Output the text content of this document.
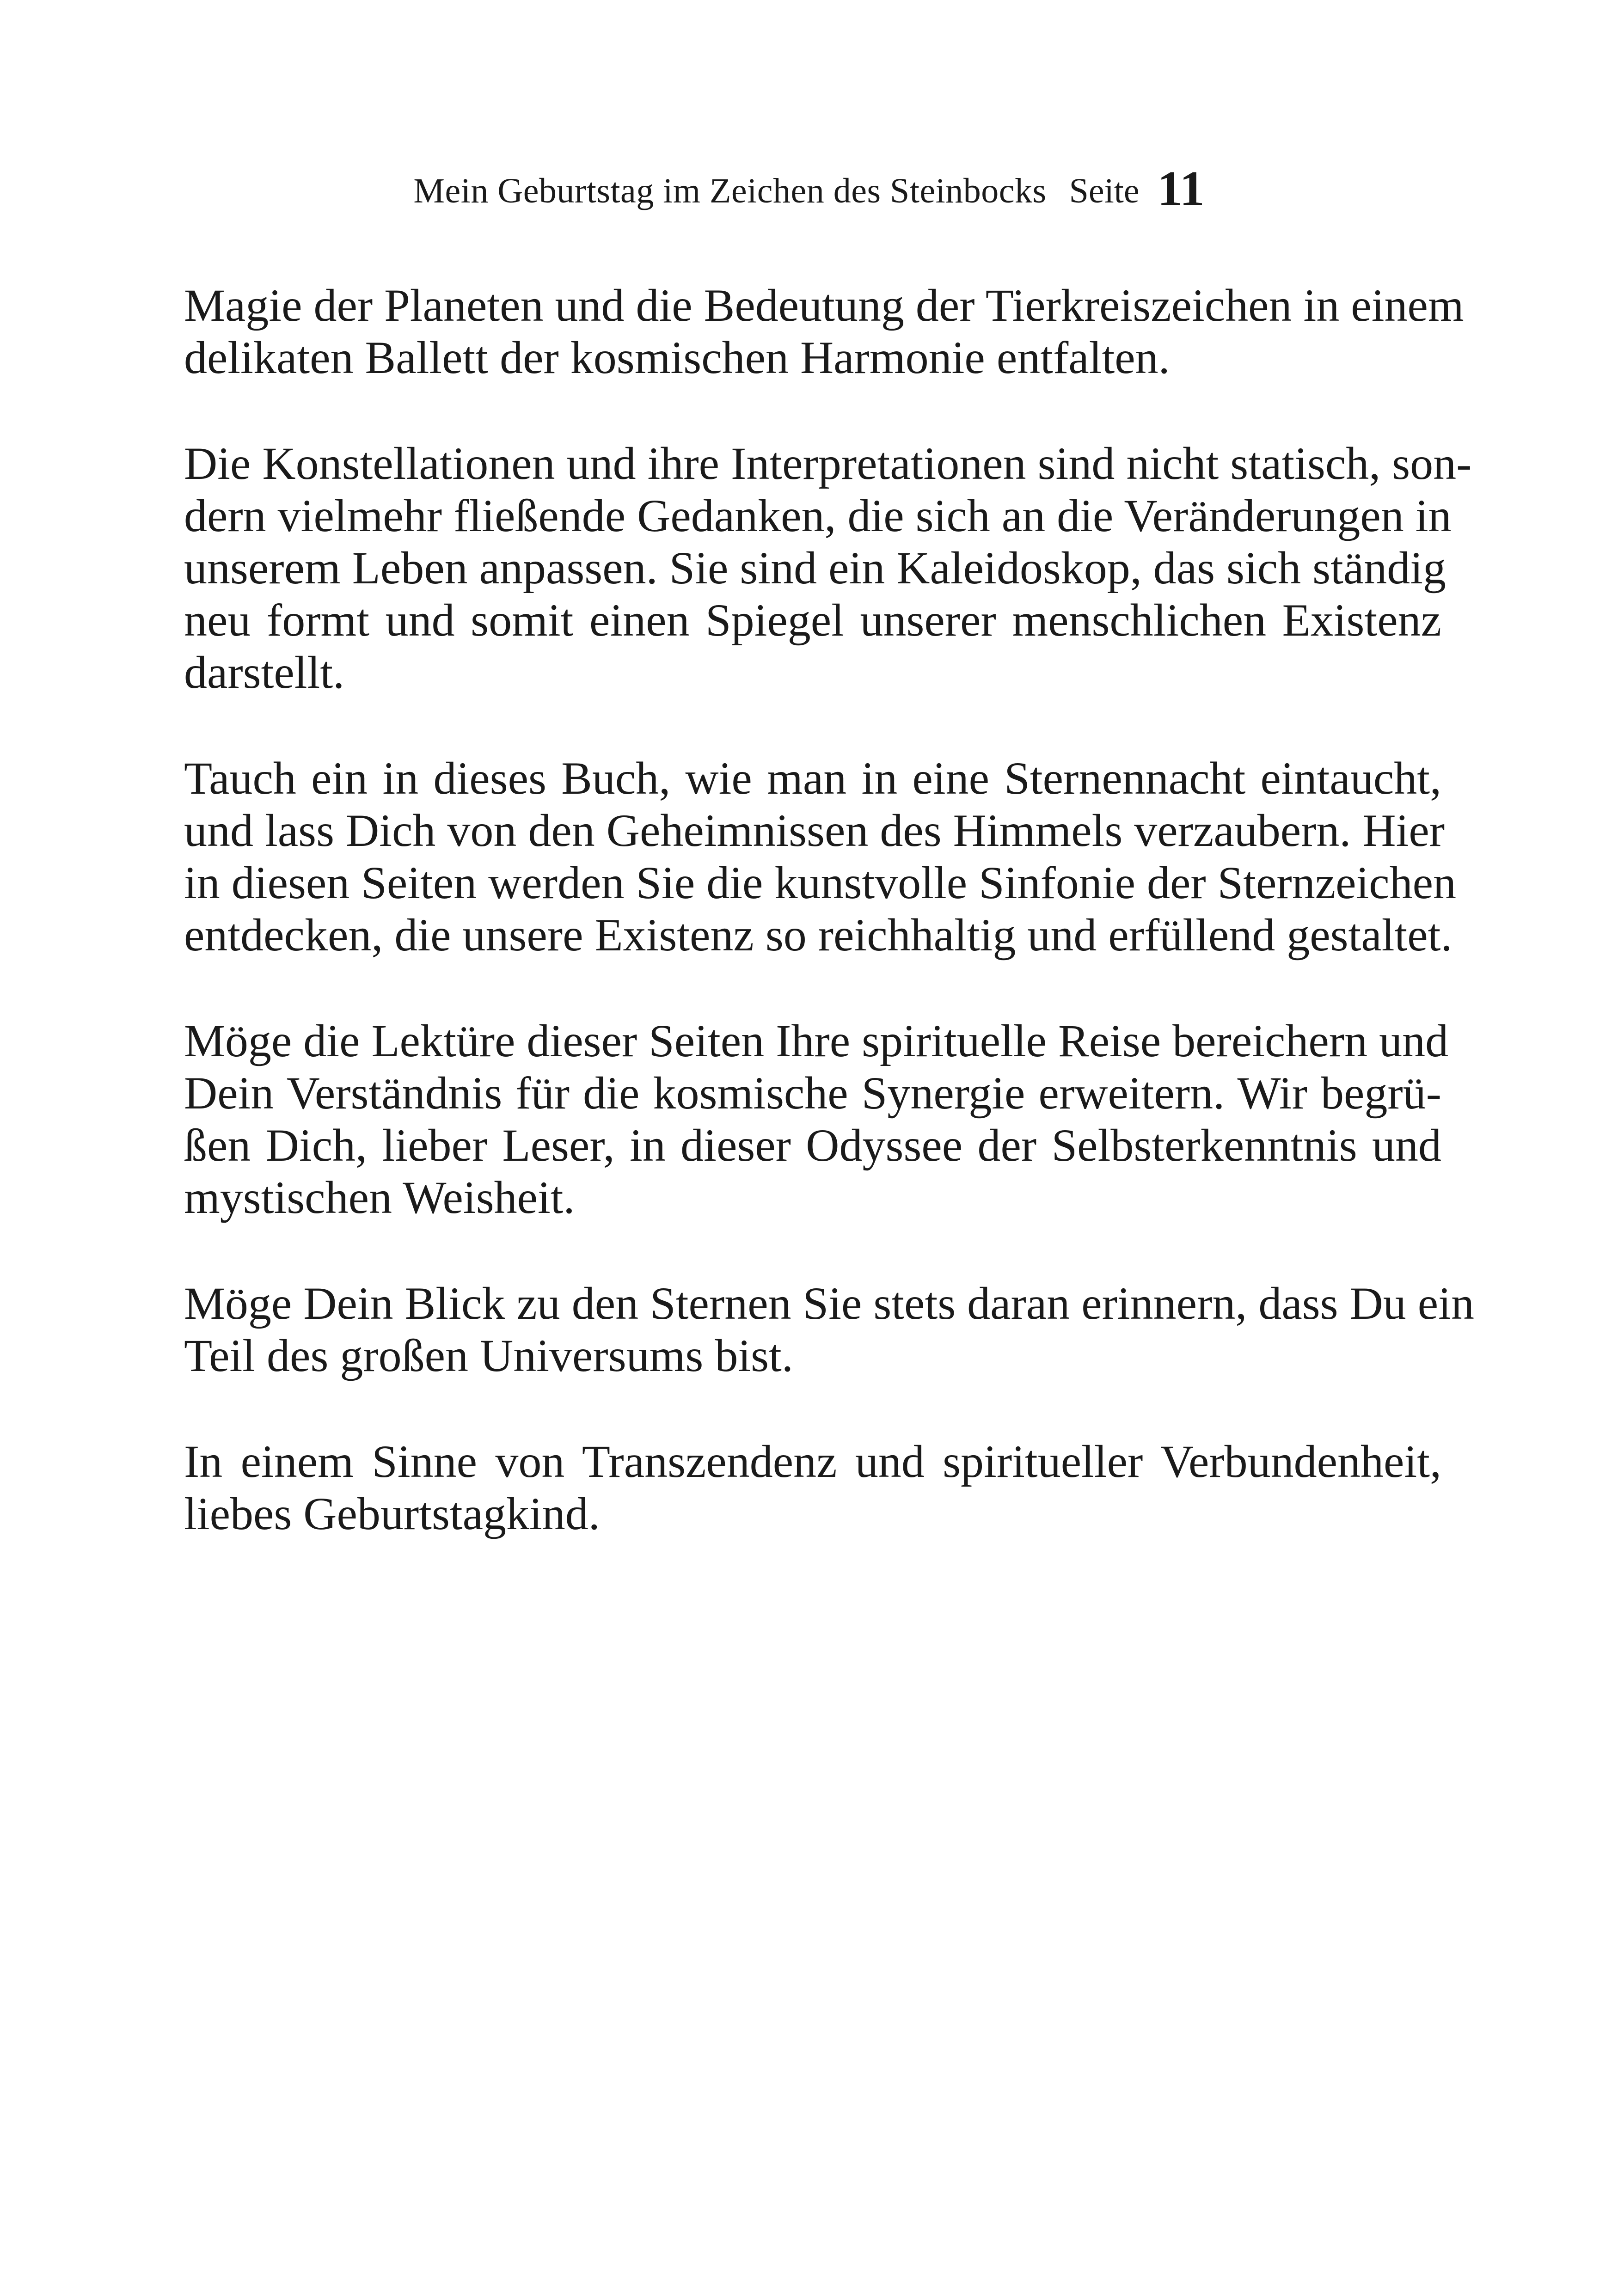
Mein Geburtstag im Zeichen des Steinbocks Seite 11
Magie der Planeten und die Bedeutung der Tierkreiszeichen in einem
delikaten Ballett der kosmischen Harmonie entfalten.
Die Konstellationen und ihre Interpretationen sind nicht statisch, son-
dern vielmehr fließende Gedanken, die sich an die Veränderungen in
unserem Leben anpassen. Sie sind ein Kaleidoskop, das sich ständig
neu formt und somit einen Spiegel unserer menschlichen Existenz
darstellt.
Tauch ein in dieses Buch, wie man in eine Sternennacht eintaucht,
und lass Dich von den Geheimnissen des Himmels verzaubern. Hier
in diesen Seiten werden Sie die kunstvolle Sinfonie der Sternzeichen
entdecken, die unsere Existenz so reichhaltig und erfüllend gestaltet.
Möge die Lektüre dieser Seiten Ihre spirituelle Reise bereichern und
Dein Verständnis für die kosmische Synergie erweitern. Wir begrü-
ßen Dich, lieber Leser, in dieser Odyssee der Selbsterkenntnis und
mystischen Weisheit.
Möge Dein Blick zu den Sternen Sie stets daran erinnern, dass Du ein
Teil des großen Universums bist.
In einem Sinne von Transzendenz und spiritueller Verbundenheit,
liebes Geburtstagkind.
